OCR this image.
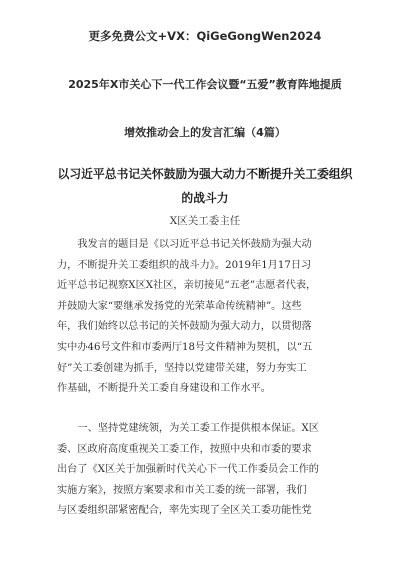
更多免费公文+VX：QiGeGongWen2024
2025年X市关心下一代工作会议暨“五爱”教育阵地提质
增效推动会上的发言汇编（4篇）
以习近平总书记关怀鼓励为强大动力不断提升关工委组织
的战斗力
X区关工委主任
我发言的题目是《以习近平总书记关怀鼓励为强大动
力，不断提升关工委组织的战斗力》。2019年1月17日习
近平总书记视察X区X社区，亲切接见“五老”志愿者代表，
并鼓励大家“要继承发扬党的光荣革命传统精神”。这些
年，我们始终以总书记的关怀鼓励为强大动力，以贯彻落
实中办46号文件和市委两厅18号文件精神为契机，以“五
好”关工委创建为抓手，坚持以党建带关建，努力夯实工
作基础，不断提升关工委自身建设和工作水平。
一、坚持党建统领，为关工委工作提供根本保证。X区
委、区政府高度重视关工委工作，按照中央和市委的要求
出台了《X区关于加强新时代关心下一代工作委员会工作的
实施方案》，按照方案要求和市关工委的统一部署，我们
与区委组织部紧密配合，率先实现了全区关工委功能性党
